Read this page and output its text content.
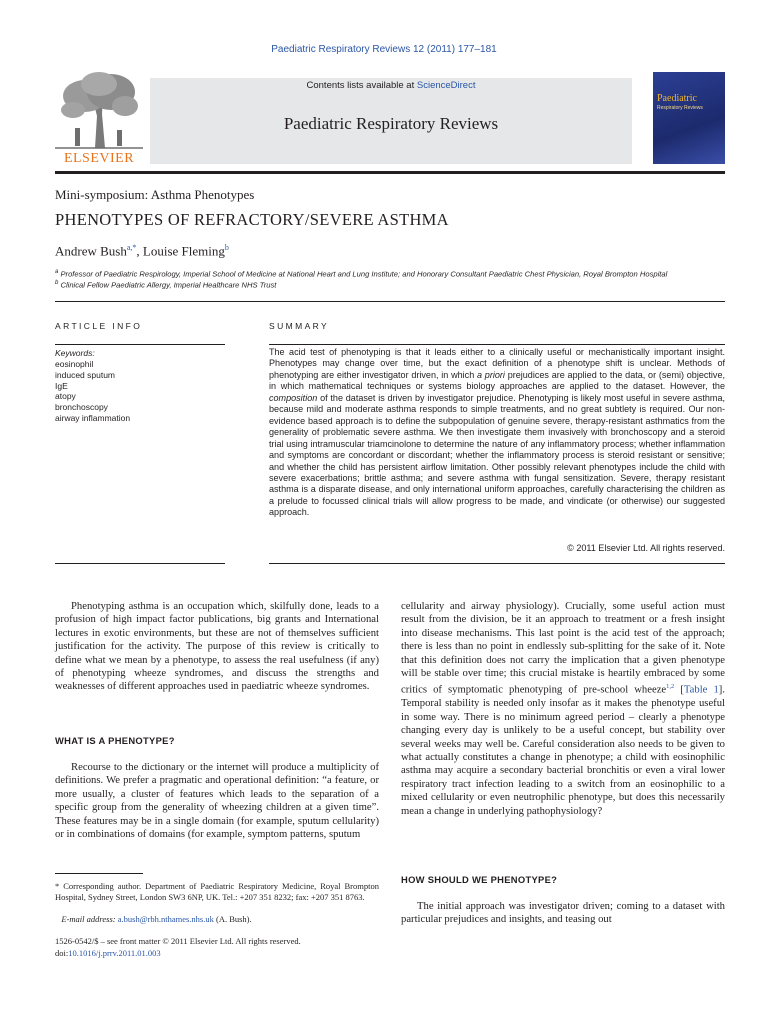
Paediatric Respiratory Reviews 12 (2011) 177–181
ELSEVIER
Contents lists available at ScienceDirect
Paediatric Respiratory Reviews
Paediatric
Respiratory Reviews
Mini-symposium: Asthma Phenotypes
PHENOTYPES OF REFRACTORY/SEVERE ASTHMA
Andrew Bush$^{a,*}$, Louise Fleming$^b$
$^a$ Professor of Paediatric Respirology, Imperial School of Medicine at National Heart and Lung Institute; and Honorary Consultant Paediatric Chest Physician, Royal Brompton Hospital
$^b$ Clinical Fellow Paediatric Allergy, Imperial Healthcare NHS Trust
ARTICLE INFO
Keywords:
eosinophil
induced sputum
IgE
atopy
bronchoscopy
airway inflammation
SUMMARY
The acid test of phenotyping is that it leads either to a clinically useful or mechanistically important insight. Phenotypes may change over time, but the exact definition of a phenotype shift is unclear. Methods of phenotyping are either investigator driven, in which a priori prejudices are applied to the data, or (semi) objective, in which mathematical techniques or systems biology approaches are applied to the dataset. However, the composition of the dataset is driven by investigator prejudice. Phenotyping is likely most useful in severe asthma, because mild and moderate asthma responds to simple treatments, and no great subtlety is required. Our non-evidence based approach is to define the subpopulation of genuine severe, therapy-resistant asthmatics from the generality of problematic severe asthma. We then investigate them invasively with bronchoscopy and a steroid trial using intramuscular triamcinolone to determine the nature of any inflammatory process; whether inflammation and symptoms are concordant or discordant; whether the inflammatory process is steroid resistant or sensitive; and whether the child has persistent airflow limitation. Other possibly relevant phenotypes include the child with severe exacerbations; brittle asthma; and severe asthma with fungal sensitization. Severe, therapy resistant asthma is a disparate disease, and only international uniform approaches, carefully characterising the children as a prelude to focussed clinical trials will allow progress to be made, and vindicate (or otherwise) our suggested approach.
© 2011 Elsevier Ltd. All rights reserved.

Phenotyping asthma is an occupation which, skilfully done, leads to a profusion of high impact factor publications, big grants and International lectures in exotic environments, but these are not of themselves sufficient justification for the activity. The purpose of this review is critically to define what we mean by a phenotype, to assess the real usefulness (if any) of phenotyping wheeze syndromes, and discuss the strengths and weaknesses of different approaches used in paediatric wheeze syndromes.

WHAT IS A PHENOTYPE?

Recourse to the dictionary or the internet will produce a multiplicity of definitions. We prefer a pragmatic and operational definition: “a feature, or more usually, a cluster of features which leads to the separation of a specific group from the generality of wheezing children at a given time”. These features may be in a single domain (for example, sputum cellularity) or in combinations of domains (for example, symptom patterns, sputum

* Corresponding author. Department of Paediatric Respiratory Medicine, Royal Brompton Hospital, Sydney Street, London SW3 6NP, UK. Tel.: +207 351 8232; fax: +207 351 8763.
E-mail address: a.bush@rbh.nthames.nhs.uk (A. Bush).
1526-0542/$ – see front matter © 2011 Elsevier Ltd. All rights reserved.
doi:10.1016/j.prrv.2011.01.003

cellularity and airway physiology). Crucially, some useful action must result from the division, be it an approach to treatment or a fresh insight into disease mechanisms. This last point is the acid test of the approach; there is less than no point in endlessly sub-splitting for the sake of it. Note that this definition does not carry the implication that a given phenotype will be stable over time; this crucial mistake is heartily embraced by some critics of symptomatic phenotyping of pre-school wheeze$^{1,2}$ [Table 1]. Temporal stability is needed only insofar as it makes the phenotype useful in some way. There is no minimum agreed period – clearly a phenotype changing every day is unlikely to be a useful concept, but stability over several weeks may well be. Careful consideration also needs to be given to what actually constitutes a change in phenotype; a child with eosinophilic asthma may acquire a secondary bacterial bronchitis or even a viral lower respiratory tract infection leading to a switch from an eosinophilic to a mixed cellularity or even neutrophilic phenotype, but does this necessarily mean a change in underlying pathophysiology?

HOW SHOULD WE PHENOTYPE?

The initial approach was investigator driven; coming to a dataset with particular prejudices and insights, and teasing out
